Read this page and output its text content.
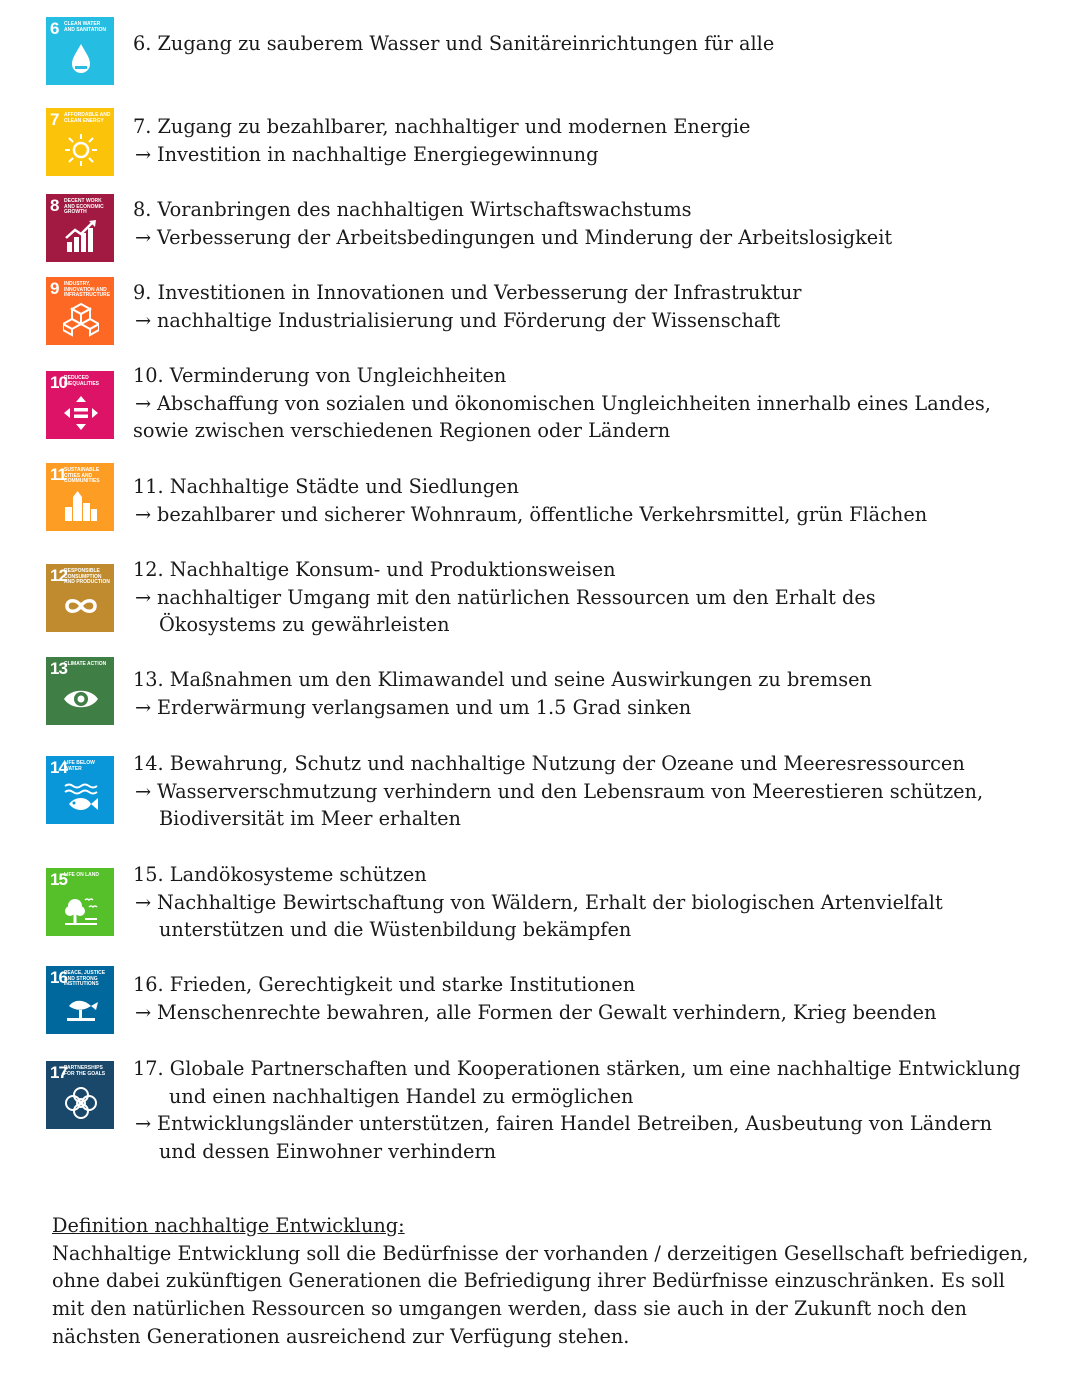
6 CLEAN WATER AND SANITATION
6. Zugang zu sauberem Wasser und Sanitäreinrichtungen für alle
7 AFFORDABLE AND CLEAN ENERGY	7. Zugang zu bezahlbarer, nachhaltiger und modernen Energie
→ Investition in nachhaltige Energiegewinnung
8 DECENT WORK AND ECONOMIC GROWTH	8. Voranbringen des nachhaltigen Wirtschaftswachstums
→ Verbesserung der Arbeitsbedingungen und Minderung der Arbeitslosigkeit
9 INDUSTRY, INNOVATION AND INFRASTRUCTURE 9. Investitionen in Innovationen und Verbesserung der Infrastruktur
→ nachhaltige Industrialisierung und Förderung der Wissenschaft
10
REDUCED INEQUALITIES	10. Verminderung von Ungleichheiten
→ Abschaffung von sozialen und ökonomischen Ungleichheiten innerhalb eines Landes,
sowie zwischen verschiedenen Regionen oder Ländern
11
SUSTAINABLE CITIES AND COMMUNITIES	11. Nachhaltige Städte und Siedlungen
→ bezahlbarer und sicherer Wohnraum, öffentliche Verkehrsmittel, grün Flächen
12
RESPONSIBLE CONSUMPTION AND PRODUCTION
12. Nachhaltige Konsum- und Produktionsweisen
→ nachhaltiger Umgang mit den natürlichen Ressourcen um den Erhalt des
Ökosystems zu gewährleisten
13
CLIMATE ACTION
13. Maßnahmen um den Klimawandel und seine Auswirkungen zu bremsen
→ Erderwärmung verlangsamen und um 1.5 Grad sinken
14
LIFE BELOW WATER	14. Bewahrung, Schutz und nachhaltige Nutzung der Ozeane und Meeresressourcen
→ Wasserverschmutzung verhindern und den Lebensraum von Meerestieren schützen,
Biodiversität im Meer erhalten
15
LIFE ON LAND	15. Landökosysteme schützen
→ Nachhaltige Bewirtschaftung von Wäldern, Erhalt der biologischen Artenvielfalt
unterstützen und die Wüstenbildung bekämpfen
16
PEACE, JUSTICE AND STRONG INSTITUTIONS	16. Frieden, Gerechtigkeit und starke Institutionen
→ Menschenrechte bewahren, alle Formen der Gewalt verhindern, Krieg beenden
17
PARTNERSHIPS FOR THE GOALS	17. Globale Partnerschaften und Kooperationen stärken, um eine nachhaltige Entwicklung
und einen nachhaltigen Handel zu ermöglichen
→ Entwicklungsländer unterstützen, fairen Handel Betreiben, Ausbeutung von Ländern
und dessen Einwohner verhindern
Definition nachhaltige Entwicklung:
Nachhaltige Entwicklung soll die Bedürfnisse der vorhanden / derzeitigen Gesellschaft befriedigen,
ohne dabei zukünftigen Generationen die Befriedigung ihrer Bedürfnisse einzuschränken. Es soll
mit den natürlichen Ressourcen so umgangen werden, dass sie auch in der Zukunft noch den
nächsten Generationen ausreichend zur Verfügung stehen.
